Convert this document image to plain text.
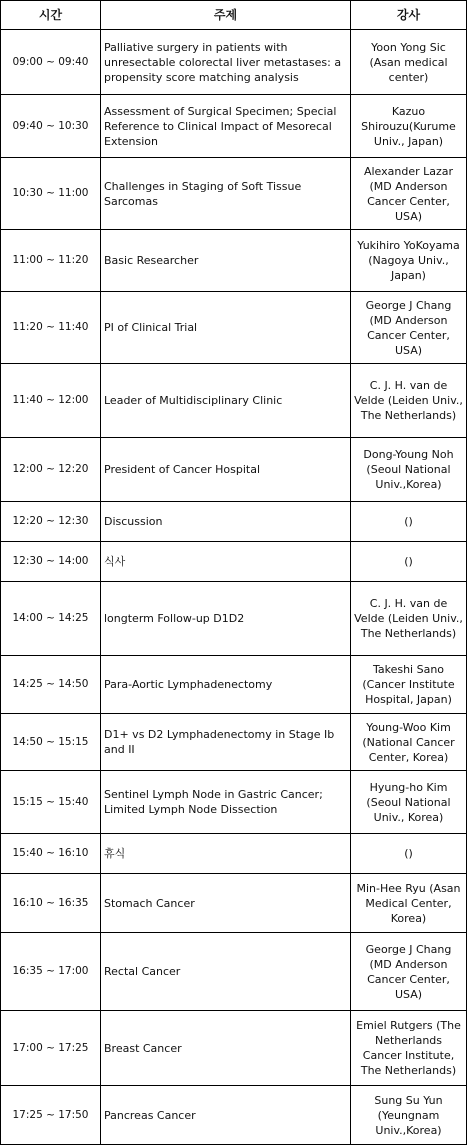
시간	주제	강사
09:00 ~ 09:40	Palliative surgery in patients with unresectable colorectal liver metastases: a propensity score matching analysis	Yoon Yong Sic (Asan medical center)
09:40 ~ 10:30	Assessment of Surgical Specimen; Special Reference to Clinical Impact of Mesorecal Extension	Kazuo Shirouzu(Kurume Univ., Japan)
10:30 ~ 11:00	Challenges in Staging of Soft Tissue Sarcomas	Alexander Lazar (MD Anderson Cancer Center, USA)
11:00 ~ 11:20	Basic Researcher	Yukihiro YoKoyama (Nagoya Univ., Japan)
11:20 ~ 11:40	PI of Clinical Trial	George J Chang (MD Anderson Cancer Center, USA)
11:40 ~ 12:00	Leader of Multidisciplinary Clinic	C. J. H. van de Velde (Leiden Univ., The Netherlands)
12:00 ~ 12:20	President of Cancer Hospital	Dong-Young Noh (Seoul National Univ.,Korea)
12:20 ~ 12:30	Discussion	()
12:30 ~ 14:00	식사	()
14:00 ~ 14:25	longterm Follow-up D1D2	C. J. H. van de Velde (Leiden Univ., The Netherlands)
14:25 ~ 14:50	Para-Aortic Lymphadenectomy	Takeshi Sano (Cancer Institute Hospital, Japan)
14:50 ~ 15:15	D1+ vs D2 Lymphadenectomy in Stage Ib and II	Young-Woo Kim (National Cancer Center, Korea)
15:15 ~ 15:40	Sentinel Lymph Node in Gastric Cancer; Limited Lymph Node Dissection	Hyung-ho Kim (Seoul National Univ., Korea)
15:40 ~ 16:10	휴식	()
16:10 ~ 16:35	Stomach Cancer	Min-Hee Ryu (Asan Medical Center, Korea)
16:35 ~ 17:00	Rectal Cancer	George J Chang (MD Anderson Cancer Center, USA)
17:00 ~ 17:25	Breast Cancer	Emiel Rutgers (The Netherlands Cancer Institute, The Netherlands)
17:25 ~ 17:50	Pancreas Cancer	Sung Su Yun (Yeungnam Univ.,Korea)
